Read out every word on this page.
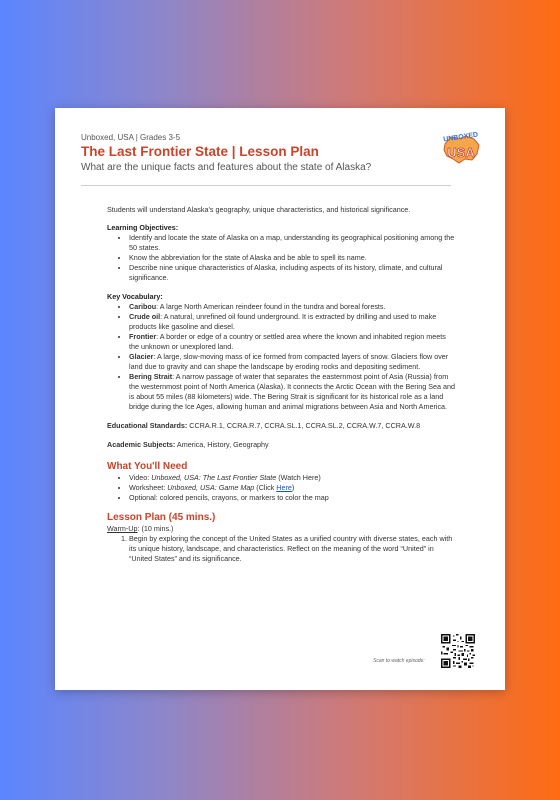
Unboxed, USA | Grades 3-5
The Last Frontier State | Lesson Plan
What are the unique facts and features about the state of Alaska?
UNBOXED
USA

Students will understand Alaska's geography, unique characteristics, and historical significance.

Learning Objectives:

• Identify and locate the state of Alaska on a map, understanding its geographical positioning among the 50 states.
• Know the abbreviation for the state of Alaska and be able to spell its name.
• Describe nine unique characteristics of Alaska, including aspects of its history, climate, and cultural significance.

Key Vocabulary:

• Caribou: A large North American reindeer found in the tundra and boreal forests.
• Crude oil: A natural, unrefined oil found underground. It is extracted by drilling and used to make products like gasoline and diesel.
• Frontier: A border or edge of a country or settled area where the known and inhabited region meets the unknown or unexplored land.
• Glacier: A large, slow-moving mass of ice formed from compacted layers of snow. Glaciers flow over land due to gravity and can shape the landscape by eroding rocks and depositing sediment.
• Bering Strait: A narrow passage of water that separates the easternmost point of Asia (Russia) from the westernmost point of North America (Alaska). It connects the Arctic Ocean with the Bering Sea and is about 55 miles (88 kilometers) wide. The Bering Strait is significant for its historical role as a land bridge during the Ice Ages, allowing human and animal migrations between Asia and North America.

Educational Standards: CCRA.R.1, CCRA.R.7, CCRA.SL.1, CCRA.SL.2, CCRA.W.7, CCRA.W.8

Academic Subjects: America, History, Geography

What You'll Need
• Video: Unboxed, USA: The Last Frontier State (Watch Here)
• Worksheet: Unboxed, USA: Game Map (Click Here)
• Optional: colored pencils, crayons, or markers to color the map
Lesson Plan (45 mins.)

Warm-Up: (10 mins.)

1. Begin by exploring the concept of the United States as a unified country with diverse states, each with its unique history, landscape, and characteristics. Reflect on the meaning of the word “United” in “United States” and its significance.
Scan to watch episode:
